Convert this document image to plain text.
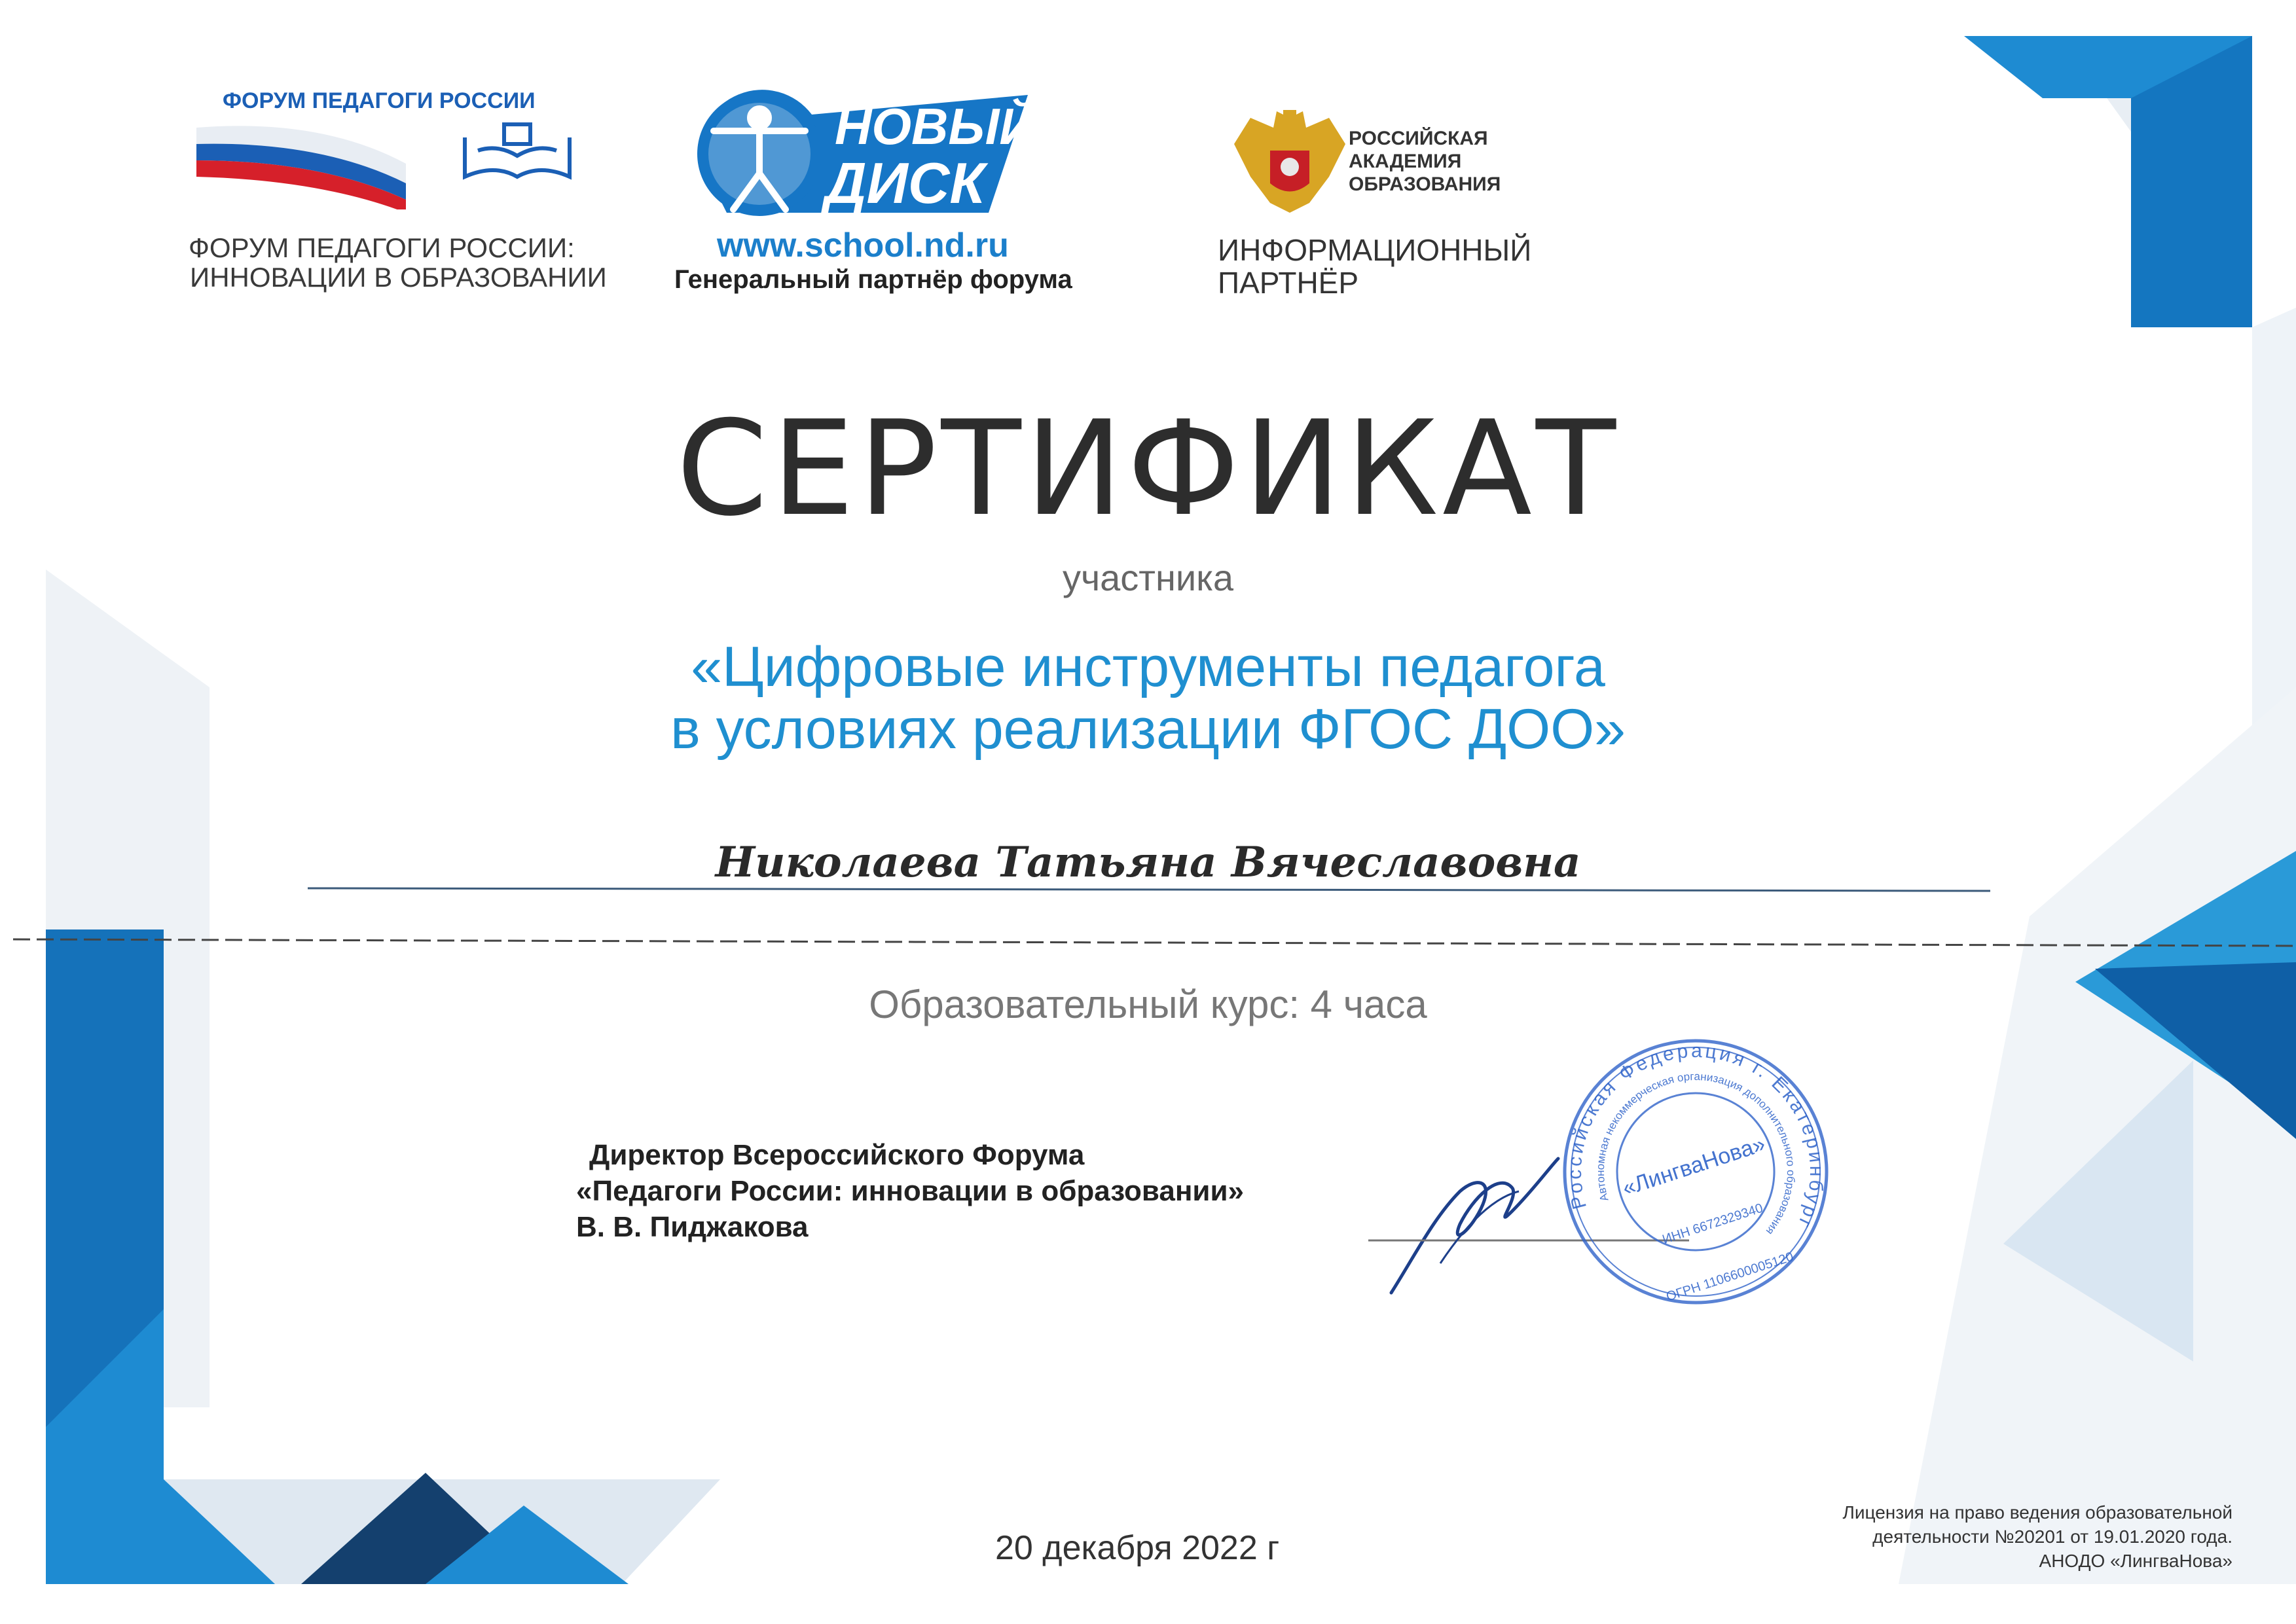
ФОРУМ ПЕДАГОГИ РОССИИ
ФОРУМ ПЕДАГОГИ РОССИИ:
ИННОВАЦИИ В ОБРАЗОВАНИИ
НОВЫЙ
ДИСК
www.school.nd.ru
Генеральный партнёр форума
РОССИЙСКАЯ
АКАДЕМИЯ
ОБРАЗОВАНИЯ
ИНФОРМАЦИОННЫЙ
ПАРТНЁР
СЕРТИФИКАТ
участника
«Цифровые инструменты педагога
в условиях реализации ФГОС ДОО»
Николаева Татьяна Вячеславовна
Образовательный курс: 4 часа
Директор Всероссийского Форума
«Педагоги России: инновации в образовании»
В. В. Пиджакова
Российская Федерация г. Екатеринбург
Автономная некоммерческая организация дополнительного образования
«ЛингваНова»
ИНН 6672329340
ОГРН 1106600005120
20 декабря 2022 г
Лицензия на право ведения образовательной
деятельности №20201 от 19.01.2020 года.
АНОДО «ЛингваНова»
